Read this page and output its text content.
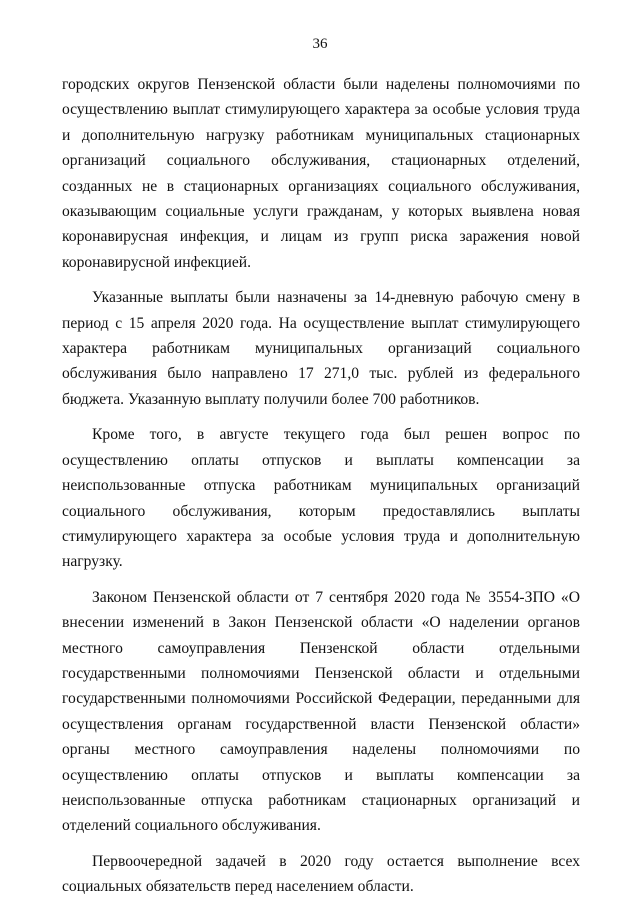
36

городских округов Пензенской области были наделены полномочиями по осуществлению выплат стимулирующего характера за особые условия труда и дополнительную нагрузку работникам муниципальных стационарных организаций социального обслуживания, стационарных отделений, созданных не в стационарных организациях социального обслуживания, оказывающим социальные услуги гражданам, у которых выявлена новая коронавирусная инфекция, и лицам из групп риска заражения новой коронавирусной инфекцией.

Указанные выплаты были назначены за 14-дневную рабочую смену в период с 15 апреля 2020 года. На осуществление выплат стимулирующего характера работникам муниципальных организаций социального обслуживания было направлено 17 271,0 тыс. рублей из федерального бюджета. Указанную выплату получили более 700 работников.

Кроме того, в августе текущего года был решен вопрос по осуществлению оплаты отпусков и выплаты компенсации за неиспользованные отпуска работникам муниципальных организаций социального обслуживания, которым предоставлялись выплаты стимулирующего характера за особые условия труда и дополнительную нагрузку.

Законом Пензенской области от 7 сентября 2020 года № 3554-ЗПО «О внесении изменений в Закон Пензенской области «О наделении органов местного самоуправления Пензенской области отдельными государственными полномочиями Пензенской области и отдельными государственными полномочиями Российской Федерации, переданными для осуществления органам государственной власти Пензенской области» органы местного самоуправления наделены полномочиями по осуществлению оплаты отпусков и выплаты компенсации за неиспользованные отпуска работникам стационарных организаций и отделений социального обслуживания.

Первоочередной задачей в 2020 году остается выполнение всех социальных обязательств перед населением области.
